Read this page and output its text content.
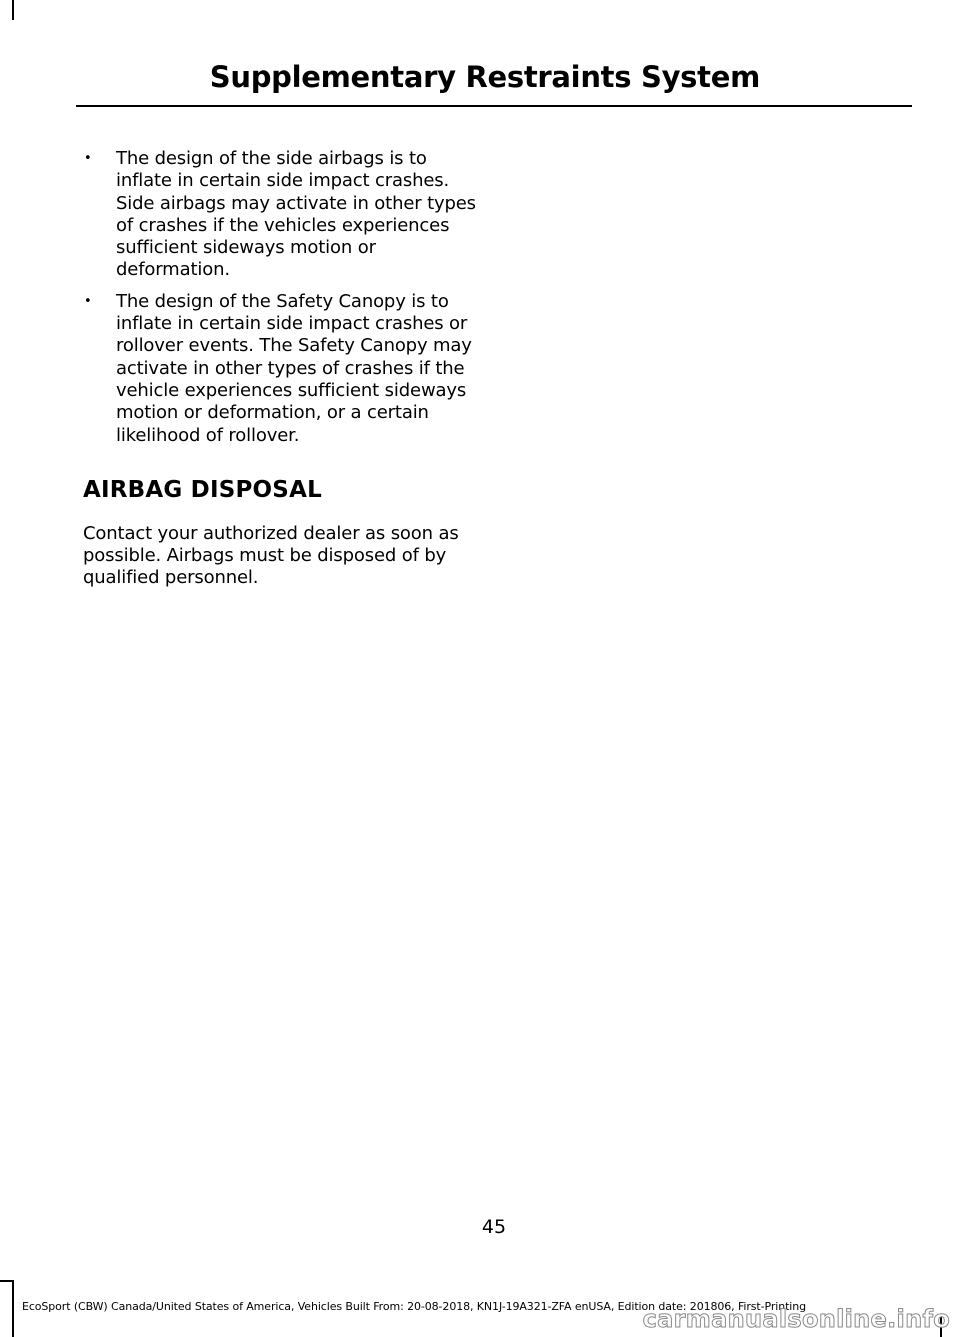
Supplementary Restraints System
• The design of the side airbags is to inflate in certain side impact crashes. Side airbags may activate in other types of crashes if the vehicles experiences sufficient sideways motion or deformation.
• The design of the Safety Canopy is to inflate in certain side impact crashes or rollover events. The Safety Canopy may activate in other types of crashes if the vehicle experiences sufficient sideways motion or deformation, or a certain likelihood of rollover.
AIRBAG DISPOSAL

Contact your authorized dealer as soon as possible. Airbags must be disposed of by qualified personnel.

45
EcoSport (CBW) Canada/United States of America, Vehicles Built From: 20-08-2018, KN1J-19A321-ZFA enUSA, Edition date: 201806, First-Printing
carmanualsonline.info
